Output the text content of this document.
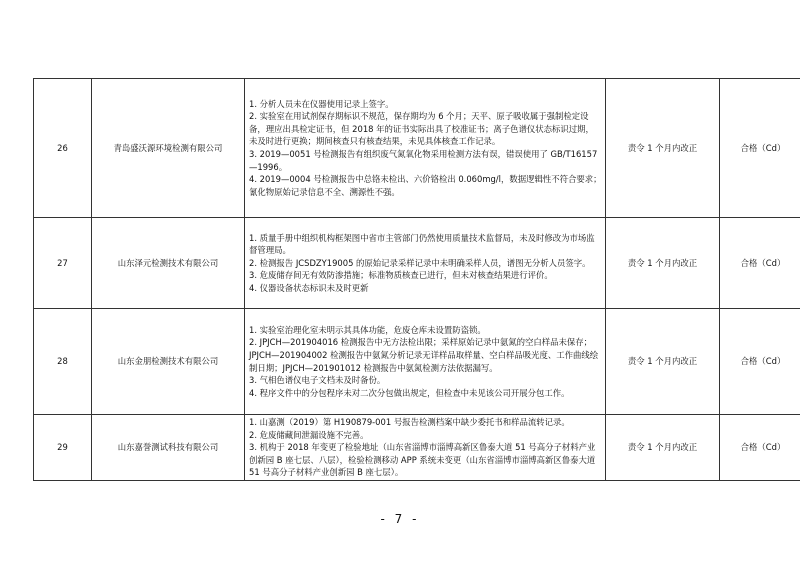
26	青岛盛沃源环境检测有限公司	1. 分析人员未在仪器使用记录上签字。

2. 实验室在用试剂保存期标识不规范，保存期均为 6 个月；天平、原子吸收属于强制检定设备，理应出具检定证书，但 2018 年的证书实际出具了校准证书；离子色谱仪状态标识过期，未及时进行更换；期间核查只有核查结果，未见具体核查工作记录。

3. 2019—0051 号检测报告有组织废气氮氧化物采用检测方法有误，错误使用了 GB/T16157—1996。

4. 2019—0004 号检测报告中总铬未检出、六价铬检出 0.060mg/l，数据逻辑性不符合要求；氰化物原始记录信息不全、溯源性不强。	责令 1 个月内改正	合格（Cd）
27	山东泽元检测技术有限公司	1. 质量手册中组织机构框架图中省市主管部门仍然使用质量技术监督局，未及时修改为市场监督管理局。

2. 检测报告 JCSDZY19005 的原始记录采样记录中未明确采样人员，谱图无分析人员签字。

3. 危废储存间无有效防渗措施；标准物质核查已进行，但未对核查结果进行评价。

4. 仪器设备状态标识未及时更新	责令 1 个月内改正	合格（Cd）
28	山东金朋检测技术有限公司	1. 实验室治理化室未明示其具体功能，危废仓库未设置防盗锁。

2. JPJCH—201904016 检测报告中无方法检出限；采样原始记录中氨氮的空白样品未保存；JPJCH—201904002 检测报告中氨氮分析记录无详样品取样量、空白样品吸光度、工作曲线绘制日期；JPJCH—201901012 检测报告中氨氮检测方法依据漏写。

3. 气相色谱仪电子文档未及时备份。

4. 程序文件中的分包程序未对二次分包做出规定，但检查中未见该公司开展分包工作。	责令 1 个月内改正	合格（Cd）
29	山东嘉誉测试科技有限公司	1. 山嘉测（2019）第 H190879-001 号报告检测档案中缺少委托书和样品流转记录。

2. 危废储藏间泄漏设施不完善。

3. 机构于 2018 年变更了检验地址（山东省淄博市淄博高新区鲁泰大道 51 号高分子材料产业创新园 B 座七层、八层），检验检测移动 APP 系统未变更（山东省淄博市淄博高新区鲁泰大道 51 号高分子材料产业创新园 B 座七层）。	责令 1 个月内改正	合格（Cd）
- 7 -
